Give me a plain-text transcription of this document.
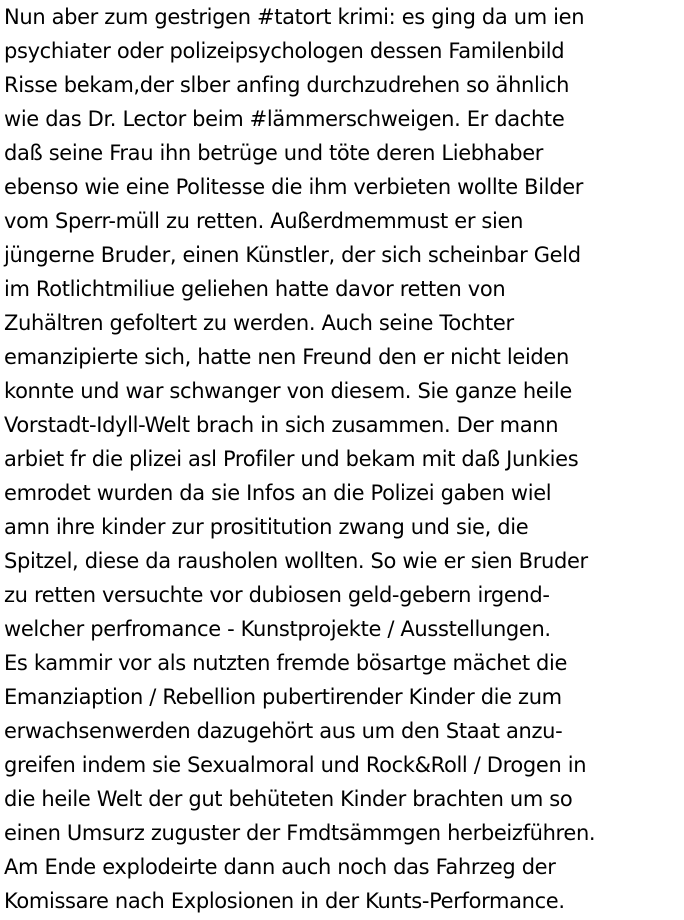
Nun aber zum gestrigen #tatort krimi: es ging da um ien
psychiater oder polizeipsychologen dessen Familenbild
Risse bekam,der slber anfing durchzudrehen so ähnlich
wie das Dr. Lector beim #lämmerschweigen. Er dachte
daß seine Frau ihn betrüge und töte deren Liebhaber
ebenso wie eine Politesse die ihm verbieten wollte Bilder
vom Sperr-müll zu retten. Außerdmemmust er sien
jüngerne Bruder, einen Künstler, der sich scheinbar Geld
im Rotlichtmiliue geliehen hatte davor retten von
Zuhältren gefoltert zu werden. Auch seine Tochter
emanzipierte sich, hatte nen Freund den er nicht leiden
konnte und war schwanger von diesem. Sie ganze heile
Vorstadt-Idyll-Welt brach in sich zusammen. Der mann
arbiet fr die plizei asl Profiler und bekam mit daß Junkies
emrodet wurden da sie Infos an die Polizei gaben wiel
amn ihre kinder zur prosititution zwang und sie, die
Spitzel, diese da rausholen wollten. So wie er sien Bruder
zu retten versuchte vor dubiosen geld-gebern irgend-
welcher perfromance - Kunstprojekte / Ausstellungen.
Es kammir vor als nutzten fremde bösartge mächet die
Emanziaption / Rebellion pubertirender Kinder die zum
erwachsenwerden dazugehört aus um den Staat anzu-
greifen indem sie Sexualmoral und Rock&Roll / Drogen in
die heile Welt der gut behüteten Kinder brachten um so
einen Umsurz zuguster der Fmdtsämmgen herbeizführen.
Am Ende explodeirte dann auch noch das Fahrzeg der
Komissare nach Explosionen in der Kunts-Performance.
